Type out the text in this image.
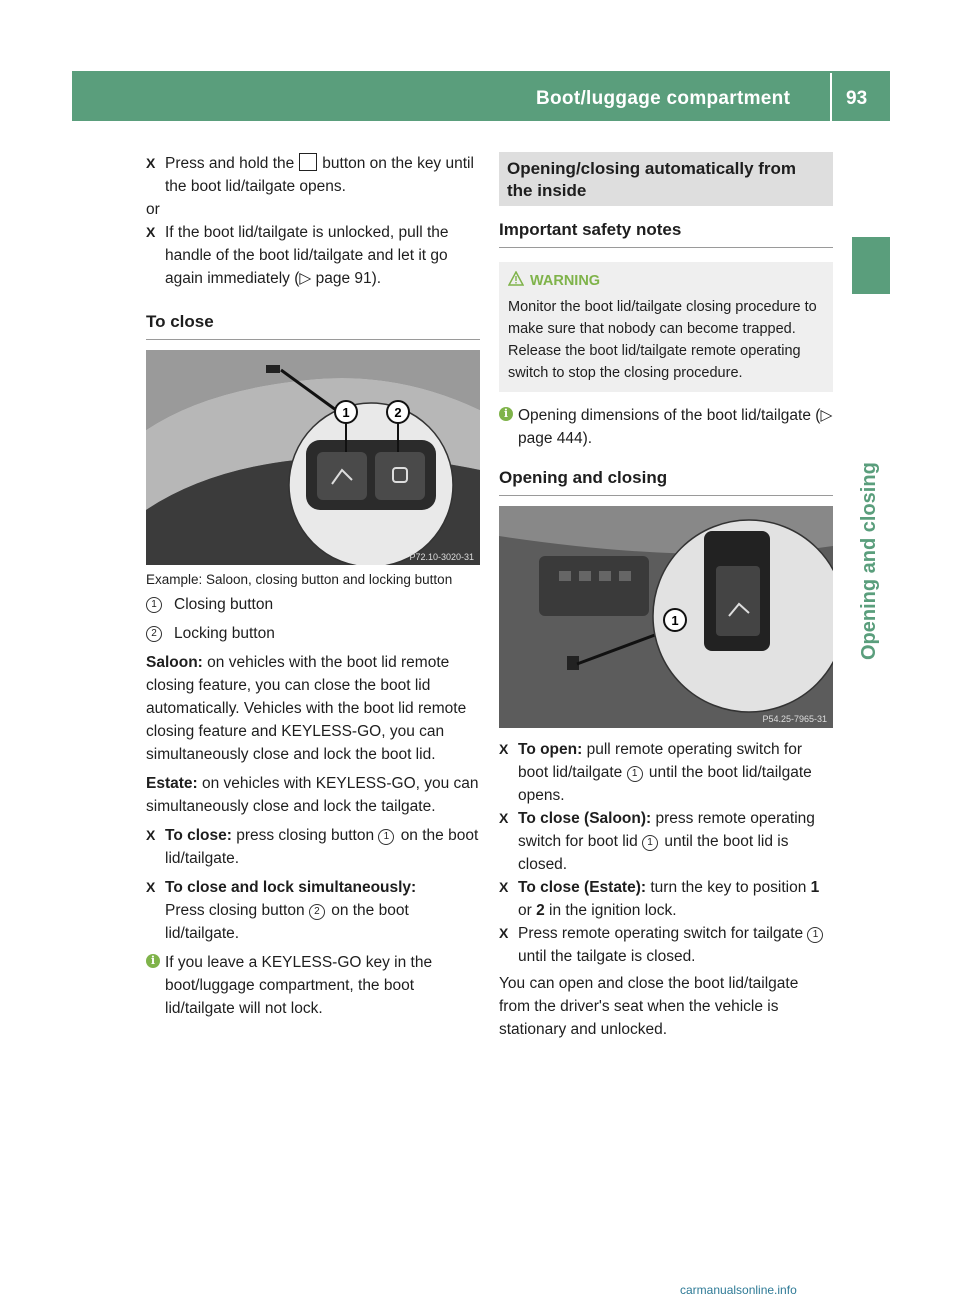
Boot/luggage compartment	93
Opening and closing

X Press and hold the button on the key until the boot lid/tailgate opens.

or

X If the boot lid/tailgate is unlocked, pull the handle of the boot lid/tailgate and let it go again immediately (▷ page 91).

To close
1	2
P72.10-3020-31
Example: Saloon, closing button and locking button
1	Closing button
2	Locking button

Saloon: on vehicles with the boot lid remote closing feature, you can close the boot lid automatically. Vehicles with the boot lid remote closing feature and KEYLESS-GO, you can simultaneously close and lock the boot lid.

Estate: on vehicles with KEYLESS-GO, you can simultaneously close and lock the tailgate.

X To close: press closing button 1 on the boot lid/tailgate.

X To close and lock simultaneously:
Press closing button 2 on the boot lid/tailgate.

i If you leave a KEYLESS-GO key in the boot/luggage compartment, the boot lid/tailgate will not lock.

Opening/closing automatically from the inside
Important safety notes
WARNING
Monitor the boot lid/tailgate closing procedure to make sure that nobody can become trapped. Release the boot lid/tailgate remote operating switch to stop the closing procedure.

i Opening dimensions of the boot lid/tailgate (▷ page 444).

Opening and closing
1
P54.25-7965-31

X To open: pull remote operating switch for boot lid/tailgate 1 until the boot lid/tailgate opens.

X To close (Saloon): press remote operating switch for boot lid 1 until the boot lid is closed.

X To close (Estate): turn the key to position 1 or 2 in the ignition lock.

X Press remote operating switch for tailgate 1 until the tailgate is closed.

You can open and close the boot lid/tailgate from the driver's seat when the vehicle is stationary and unlocked.

carmanualsonline.info
